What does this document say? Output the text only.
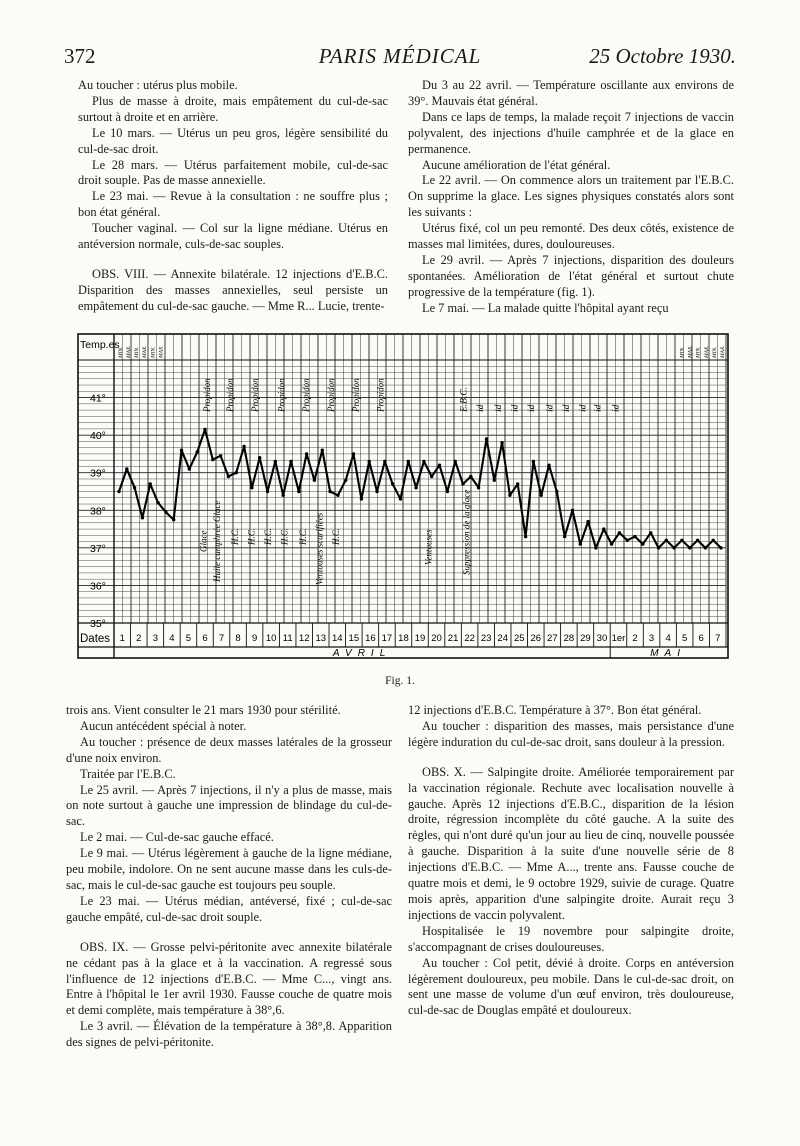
372	PARIS MÉDICAL	25 Octobre 1930.

Au toucher : utérus plus mobile.

Plus de masse à droite, mais empâtement du cul-de-sac surtout à droite et en arrière.

Le 10 mars. — Utérus un peu gros, légère sensibilité du cul-de-sac droit.

Le 28 mars. — Utérus parfaitement mobile, cul-de-sac droit souple. Pas de masse annexielle.

Le 23 mai. — Revue à la consultation : ne souffre plus ; bon état général.

Toucher vaginal. — Col sur la ligne médiane. Utérus en antéversion normale, culs-de-sac souples.

OBS. VIII. — Annexite bilatérale. 12 injections d'E.B.C. Disparition des masses annexielles, seul persiste un empâtement du cul-de-sac gauche. — Mme R... Lucie, trente-

Du 3 au 22 avril. — Température oscillante aux environs de 39°. Mauvais état général.

Dans ce laps de temps, la malade reçoit 7 injections de vaccin polyvalent, des injections d'huile camphrée et de la glace en permanence.

Aucune amélioration de l'état général.

Le 22 avril. — On commence alors un traitement par l'E.B.C. On supprime la glace. Les signes physiques constatés alors sont les suivants :

Utérus fixé, col un peu remonté. Des deux côtés, existence de masses mal limitées, dures, douloureuses.

Le 29 avril. — Après 7 injections, disparition des douleurs spontanées. Amélioration de l'état général et surtout chute progressive de la température (fig. 1).

Le 7 mai. — La malade quitte l'hôpital ayant reçu

Temp.es
41°
40°
39°
38°
37°
36°
35°
Dates 1 2 3 4 5 6 7 8 9 10 11 12 13 14 15 16 17 18 19 20 21 22 23 24 25 26 27 28 29 30 1er 2 3 4 5 6 7
AVRIL	MAI
MIN. MAX. MIN. MAX. MIN. MAX.	MIN. MAX. MIN. MAX. MIN. MAX.
Propidon Propidon Propidon Propidon Propidon Propidon Propidon Propidon	E.B.C. id id id id id id id id id
Glace Huile camphrée Glace H.C. H.C. H.C. H.C. H.C. Ventouses scarifiées H.C.	Ventouses	Suppression de la glace
Fig. 1.

trois ans. Vient consulter le 21 mars 1930 pour stérilité.

Aucun antécédent spécial à noter.

Au toucher : présence de deux masses latérales de la grosseur d'une noix environ.

Traitée par l'E.B.C.

Le 25 avril. — Après 7 injections, il n'y a plus de masse, mais on note surtout à gauche une impression de blindage du cul-de-sac.

Le 2 mai. — Cul-de-sac gauche effacé.

Le 9 mai. — Utérus légèrement à gauche de la ligne médiane, peu mobile, indolore. On ne sent aucune masse dans les culs-de-sac, mais le cul-de-sac gauche est toujours peu souple.

Le 23 mai. — Utérus médian, antéversé, fixé ; cul-de-sac gauche empâté, cul-de-sac droit souple.

OBS. IX. — Grosse pelvi-péritonite avec annexite bilatérale ne cédant pas à la glace et à la vaccination. A regressé sous l'influence de 12 injections d'E.B.C. — Mme C..., vingt ans. Entre à l'hôpital le 1er avril 1930. Fausse couche de quatre mois et demi complète, mais température à 38°,6.

Le 3 avril. — Élévation de la température à 38°,8. Apparition des signes de pelvi-péritonite.

12 injections d'E.B.C. Température à 37°. Bon état général.

Au toucher : disparition des masses, mais persistance d'une légère induration du cul-de-sac droit, sans douleur à la pression.

OBS. X. — Salpingite droite. Améliorée temporairement par la vaccination régionale. Rechute avec localisation nouvelle à gauche. Après 12 injections d'E.B.C., disparition de la lésion droite, régression incomplète du côté gauche. A la suite des règles, qui n'ont duré qu'un jour au lieu de cinq, nouvelle poussée à gauche. Disparition à la suite d'une nouvelle série de 8 injections d'E.B.C. — Mme A..., trente ans. Fausse couche de quatre mois et demi, le 9 octobre 1929, suivie de curage. Quatre mois après, apparition d'une salpingite droite. Aurait reçu 3 injections de vaccin polyvalent.

Hospitalisée le 19 novembre pour salpingite droite, s'accompagnant de crises douloureuses.

Au toucher : Col petit, dévié à droite. Corps en antéversion légèrement douloureux, peu mobile. Dans le cul-de-sac droit, on sent une masse de volume d'un œuf environ, très douloureuse, cul-de-sac de Douglas empâté et douloureux.
